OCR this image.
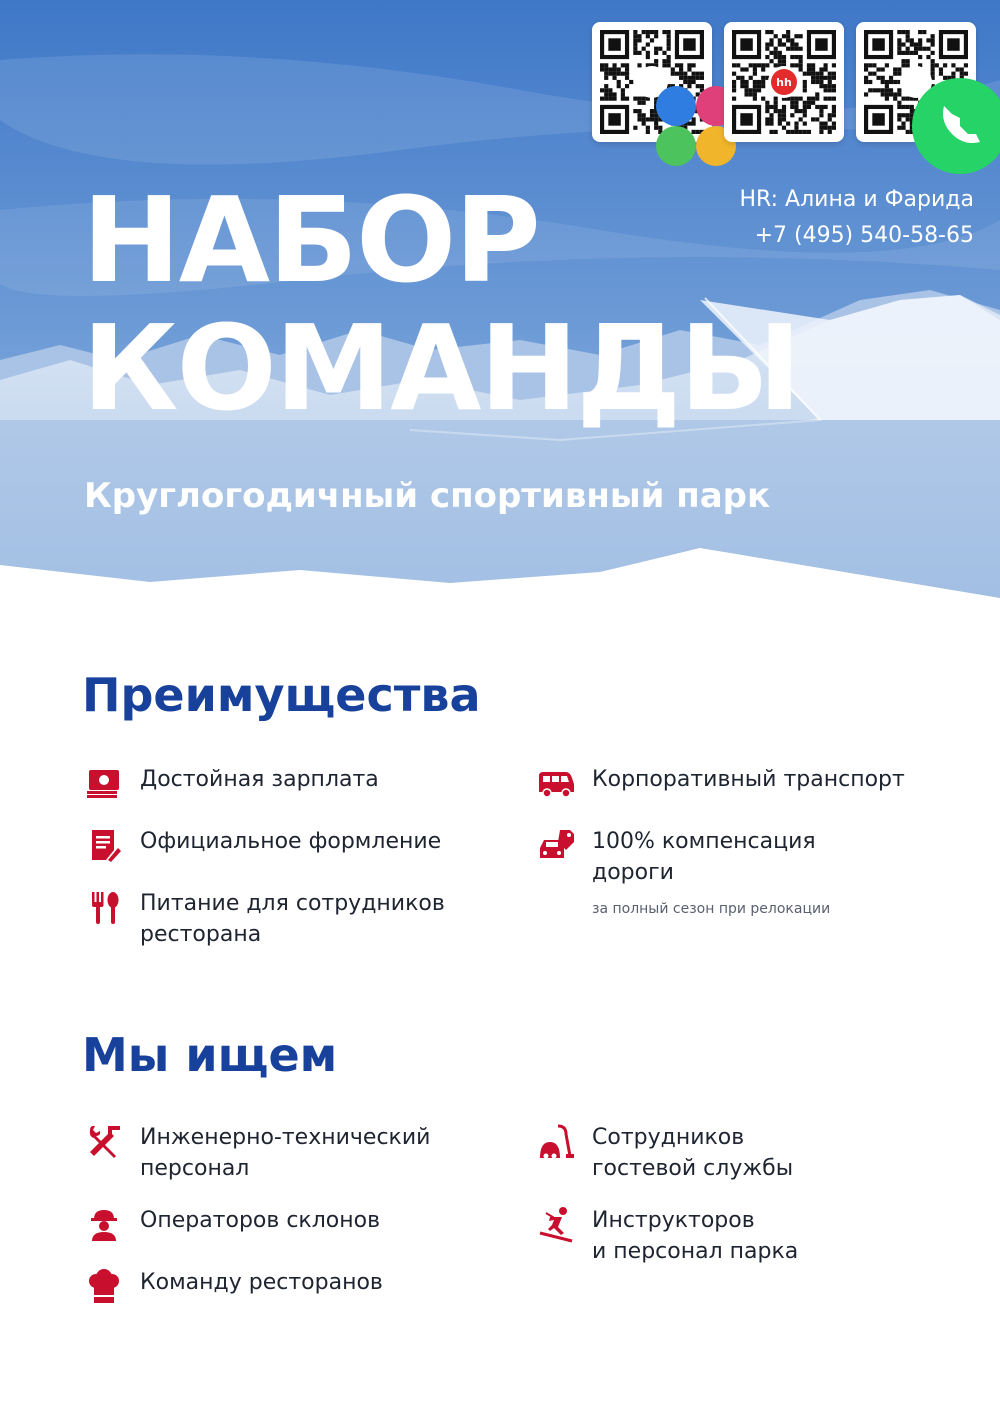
hh
HR: Алина и Фарида
+7 (495) 540-58-65
НАБОР
КОМАНДЫ
Круглогодичный спортивный парк
Преимущества
Достойная зарплата
Официальное формление
Питание для сотрудников
ресторана
Корпоративный транспорт
100% компенсация
дороги
за полный сезон при релокации
Мы ищем
Инженерно-технический
персонал
Операторов склонов
Команду ресторанов
Сотрудников
гостевой службы
Инструкторов
и персонал парка
